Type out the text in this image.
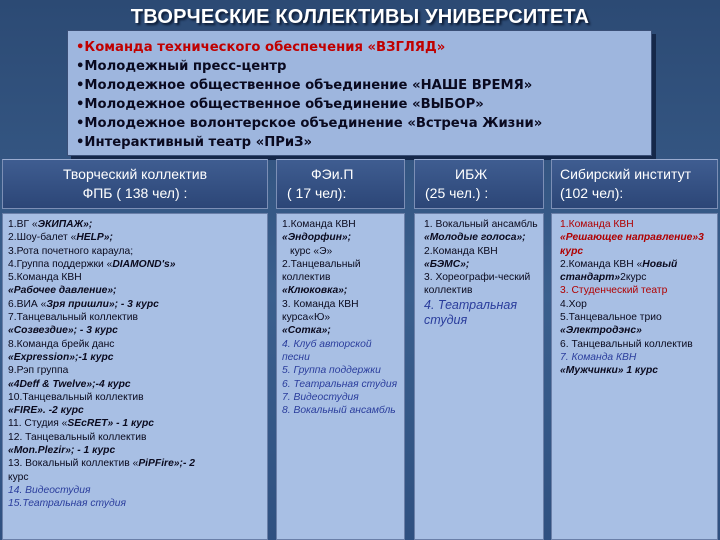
ТВОРЧЕСКИЕ КОЛЛЕКТИВЫ УНИВЕРСИТЕТА
•Команда технического обеспечения «ВЗГЛЯД»
•Молодежный пресс-центр
•Молодежное общественное объединение «НАШЕ ВРЕМЯ»
•Молодежное общественное объединение «ВЫБОР»
•Молодежное волонтерское объединение «Встреча Жизни»
•Интерактивный театр «ПРиЗ»
Творческий коллектив
ФПБ ( 138 чел) :
ФЭи.П
( 17 чел):
ИБЖ
(25 чел.) :
Сибирский институт
(102 чел):
1.ВГ «ЭКИПАЖ»;
2.Шоу-балет «HELP»;
3.Рота почетного караула;
4.Группа поддержки «DIAMOND's»
5.Команда КВН
«Рабочее давление»;
6.ВИА «Зря пришли»; - 3 курс
7.Танцевальный коллектив
«Созвездие»; - 3 курс
8.Команда брейк данс
«Expression»;-1 курс
9.Рэп группа
«4Deff & Twelve»;-4 курс
10.Танцевальный коллектив
«FIRE». -2 курс
11. Студия «SEcRET» - 1 курс
12. Танцевальный коллектив
«Mon.Plezir»; - 1 курс
13. Вокальный коллектив «PiPFire»;- 2
курс
14. Видеостудия
15.Театральная студия
1.Команда КВН
«Эндорфин»;
курс «Э»
2.Танцевальный коллектив
«Клюковка»;
3. Команда КВН курса«Ю»
«Сотка»;
4. Клуб авторской песни
5. Группа поддержки
6. Театральная студия
7. Видеостудия
8. Вокальный ансамбль
1. Вокальный ансамбль
«Молодые голоса»;
2.Команда КВН
«БЭМС»;
3. Хореографи-ческий коллектив
4. Театральная студия
1.Команда КВН
«Решающее направление»3 курс
2.Команда КВН «Новый стандарт»2курс
3. Студенческий театр
4.Хор
5.Танцевальное трио
«Электродэнс»
6. Танцевальный коллектив
7. Команда КВН
«Мужчинки» 1 курс
